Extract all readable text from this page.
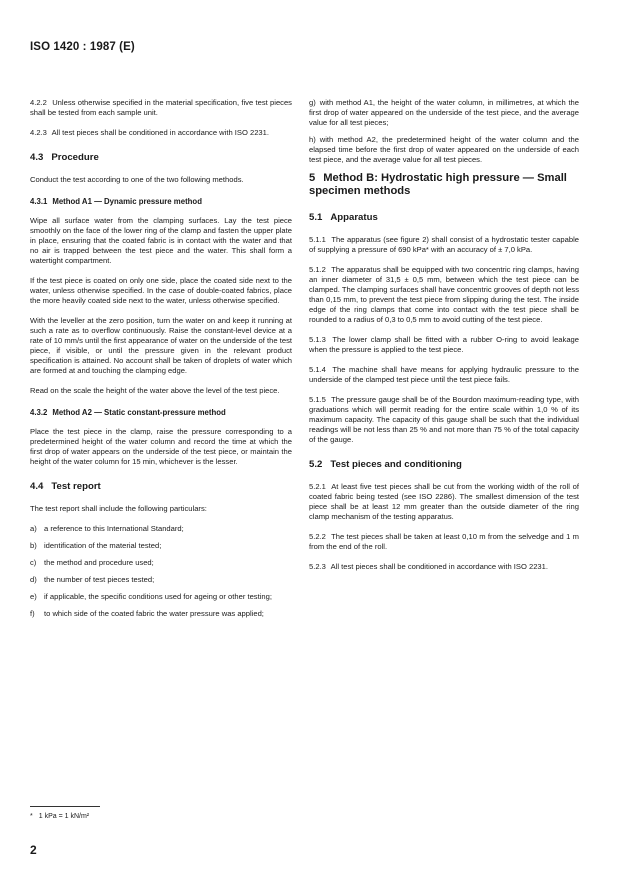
ISO 1420 : 1987 (E)

4.2.2 Unless otherwise specified in the material specification, five test pieces shall be tested from each sample unit.

4.2.3 All test pieces shall be conditioned in accordance with ISO 2231.

4.3 Procedure

Conduct the test according to one of the two following methods.

4.3.1 Method A1 — Dynamic pressure method

Wipe all surface water from the clamping surfaces. Lay the test piece smoothly on the face of the lower ring of the clamp and fasten the upper plate in place, ensuring that the coated fabric is in contact with the water and that no air is trapped between the test piece and the water. This shall form a watertight compartment.

If the test piece is coated on only one side, place the coated side next to the water, unless otherwise specified. In the case of double-coated fabrics, place the more heavily coated side next to the water, unless otherwise specified.

With the leveller at the zero position, turn the water on and keep it running at such a rate as to overflow continuously. Raise the constant-level device at a rate of 10 mm/s until the first appearance of water on the underside of the test piece, if visible, or until the pressure given in the relevant product specification is attained. No account shall be taken of droplets of water which are formed at and touching the clamping edge.

Read on the scale the height of the water above the level of the test piece.

4.3.2 Method A2 — Static constant-pressure method

Place the test piece in the clamp, raise the pressure corresponding to a predetermined height of the water column and record the time at which the first drop of water appears on the underside of the test piece, or maintain the height of the water column for 15 min, whichever is the lesser.

4.4 Test report

The test report shall include the following particulars:

a) a reference to this International Standard;
b) identification of the material tested;
c) the method and procedure used;
d) the number of test pieces tested;
e) if applicable, the specific conditions used for ageing or other testing;
f) to which side of the coated fabric the water pressure was applied;
g) with method A1, the height of the water column, in millimetres, at which the first drop of water appeared on the underside of the test piece, and the average value for all test pieces;
h) with method A2, the predetermined height of the water column and the elapsed time before the first drop of water appeared on the underside of each test piece, and the average value for all test pieces.
5 Method B: Hydrostatic high pressure — Small specimen methods
5.1 Apparatus

5.1.1 The apparatus (see figure 2) shall consist of a hydrostatic tester capable of supplying a pressure of 690 kPa* with an accuracy of ± 7,0 kPa.

5.1.2 The apparatus shall be equipped with two concentric ring clamps, having an inner diameter of 31,5 ± 0,5 mm, between which the test piece can be clamped. The clamping surfaces shall have concentric grooves of depth not less than 0,15 mm, to prevent the test piece from slipping during the test. The inside edge of the ring clamps that come into contact with the test piece shall be rounded to a radius of 0,3 to 0,5 mm to avoid cutting of the test piece.

5.1.3 The lower clamp shall be fitted with a rubber O-ring to avoid leakage when the pressure is applied to the test piece.

5.1.4 The machine shall have means for applying hydraulic pressure to the underside of the clamped test piece until the test piece fails.

5.1.5 The pressure gauge shall be of the Bourdon maximum-reading type, with graduations which will permit reading for the entire scale within 1,0 % of its maximum capacity. The capacity of this gauge shall be such that the individual readings will be not less than 25 % and not more than 75 % of the total capacity of the gauge.

5.2 Test pieces and conditioning

5.2.1 At least five test pieces shall be cut from the working width of the roll of coated fabric being tested (see ISO 2286). The smallest dimension of the test piece shall be at least 12 mm greater than the outside diameter of the ring clamp mechanism of the testing apparatus.

5.2.2 The test pieces shall be taken at least 0,10 m from the selvedge and 1 m from the end of the roll.

5.2.3 All test pieces shall be conditioned in accordance with ISO 2231.

* 1 kPa = 1 kN/m²
2
